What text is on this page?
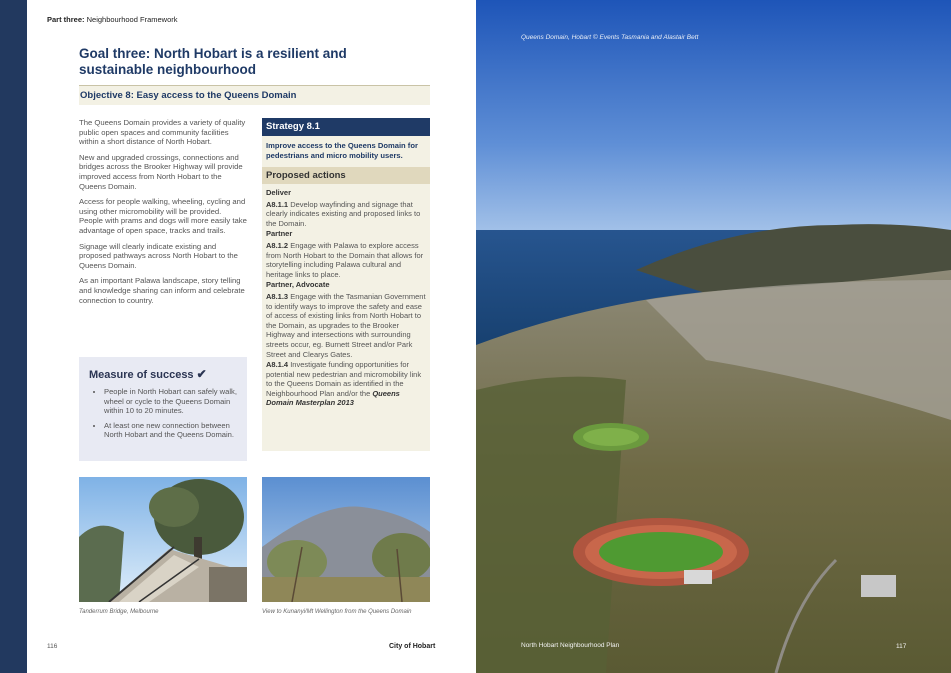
Part three: Neighbourhood Framework
Goal three: North Hobart is a resilient and sustainable neighbourhood
Objective 8: Easy access to the Queens Domain

The Queens Domain provides a variety of quality public open spaces and community facilities within a short distance of North Hobart.

New and upgraded crossings, connections and bridges across the Brooker Highway will provide improved access from North Hobart to the Queens Domain.

Access for people walking, wheeling, cycling and using other micromobility will be provided. People with prams and dogs will more easily take advantage of open space, tracks and trails.

Signage will clearly indicate existing and proposed pathways across North Hobart to the Queens Domain.

As an important Palawa landscape, story telling and knowledge sharing can inform and celebrate connection to country.

Measure of success ✔
• People in North Hobart can safely walk, wheel or cycle to the Queens Domain within 10 to 20 minutes.
• At least one new connection between North Hobart and the Queens Domain.
Strategy 8.1
Improve access to the Queens Domain for pedestrians and micro mobility users.
Proposed actions
Deliver
A8.1.1 Develop wayfinding and signage that clearly indicates existing and proposed links to the Domain.
Partner
A8.1.2 Engage with Palawa to explore access from North Hobart to the Domain that allows for storytelling including Palawa cultural and heritage links to place.
Partner, Advocate
A8.1.3 Engage with the Tasmanian Government to identify ways to improve the safety and ease of access of existing links from North Hobart to the Domain, as upgrades to the Brooker Highway and intersections with surrounding streets occur, eg. Burnett Street and/or Park Street and Clearys Gates.
A8.1.4 Investigate funding opportunities for potential new pedestrian and micromobility link to the Queens Domain as identified in the Neighbourhood Plan and/or the Queens Domain Masterplan 2013
Tanderrum Bridge, Melbourne	View to Kunanyi/Mt Wellington from the Queens Domain
116	City of Hobart
Queens Domain, Hobart © Events Tasmania and Alastair Bett
North Hobart Neighbourhood Plan	117
